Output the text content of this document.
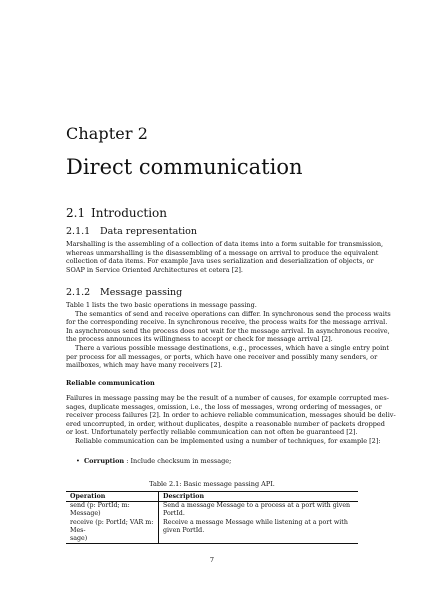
Chapter 2
Direct communication
2.1 Introduction
2.1.1 Data representation

Marshalling is the assembling of a collection of data items into a form suitable for transmission,
whereas unmarshalling is the disassembling of a message on arrival to produce the equivalent
collection of data items. For example Java uses serialization and deserialization of objects, or
SOAP in Service Oriented Architectures et cetera [2].

2.1.2 Message passing

Table 1 lists the two basic operations in message passing.
The semantics of send and receive operations can differ. In synchronous send the process waits
for the corresponding receive. In synchronous receive, the process waits for the message arrival.
In asynchronous send the process does not wait for the message arrival. In asynchronous receive,
the process announces its willingness to accept or check for message arrival [2].
There a various possible message destinations, e.g., processes, which have a single entry point
per process for all messages, or ports, which have one receiver and possibly many senders, or
mailboxes, which may have many receivers [2].

Reliable communication

Failures in message passing may be the result of a number of causes, for example corrupted mes-
sages, duplicate messages, omission, i.e., the loss of messages, wrong ordering of messages, or
receiver process failures [2]. In order to achieve reliable communication, messages should be deliv-
ered uncorrupted, in order, without duplicates, despite a reasonable number of packets dropped
or lost. Unfortunately perfectly reliable communication can not often be guaranteed [2].
Reliable communication can be implemented using a number of techniques, for example [2]:

• Corruption : Include checksum in message;
Table 2.1: Basic message passing API.
Operation	Description
send (p: PortId; m: Message)	Send a message Message to a process at a port with given
PortId.
receive (p: PortId; VAR m: Mes-
sage)	Receive a message Message while listening at a port with
given PortId.
7
